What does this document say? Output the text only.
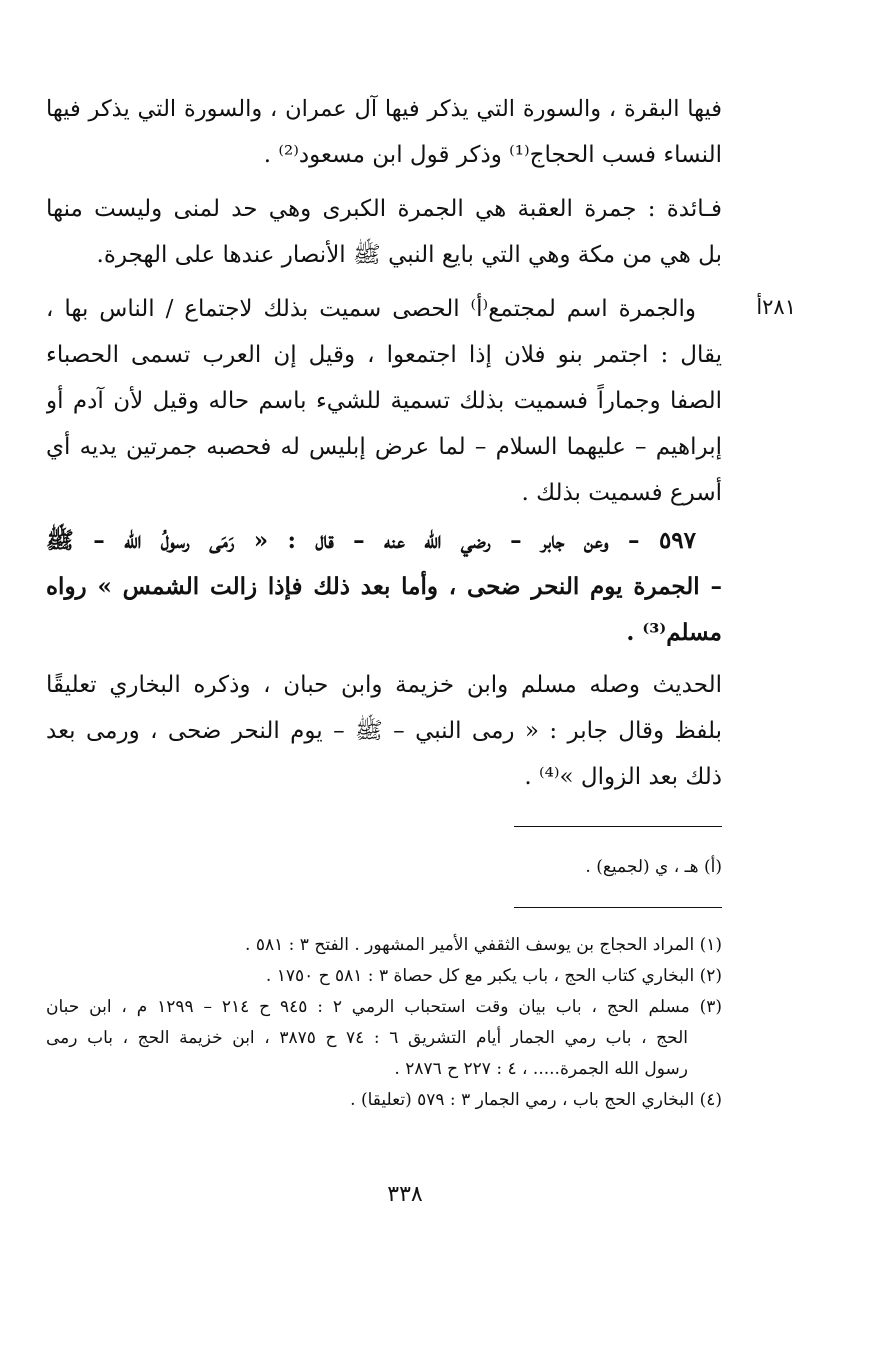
فيها البقرة ، والسورة التي يذكر فيها آل عمران ، والسورة التي يذكر فيها
النساء فسب الحجاج⁽¹⁾ وذكر قول ابن مسعود⁽²⁾ .
فـائدة : جمرة العقبة هي الجمرة الكبرى وهي حد لمنى وليست منها
بل هي من مكة وهي التي بايع النبي ﷺ الأنصار عندها على الهجرة.
٢٨١أ
والجمرة اسم لمجتمع⁽أ⁾ الحصى سميت بذلك لاجتماع / الناس بها ،
يقال : اجتمر بنو فلان إذا اجتمعوا ، وقيل إن العرب تسمى الحصباء
الصفا وجماراً فسميت بذلك تسمية للشيء باسم حاله وقيل لأن آدم أو
إبراهيم – عليهما السلام – لما عرض إبليس له فحصبه جمرتين يديه أي
أسرع فسميت بذلك .
٥٩٧ – وعن جابر – رضي اللّه عنه – قال : « رَمَى رسولُ اللّه – ﷺ
– الجمرة يوم النحر ضحى ، وأما بعد ذلك فإذا زالت الشمس » رواه
مسلم⁽³⁾ .
الحديث وصله مسلم وابن خزيمة وابن حبان ، وذكره البخاري تعليقًا
بلفظ وقال جابر : « رمى النبي – ﷺ – يوم النحر ضحى ، ورمى بعد
ذلك بعد الزوال »⁽⁴⁾ .
(أ) هـ ، ي (لجميع) .
(١) المراد الحجاج بن يوسف الثقفي الأمير المشهور . الفتح ٣ : ٥٨١ .
(٢) البخاري كتاب الحج ، باب يكبر مع كل حصاة ٣ : ٥٨١ ح ١٧٥٠ .
(٣) مسلم الحج ، باب بيان وقت استحباب الرمي ٢ : ٩٤٥ ح ٢١٤ – ١٢٩٩ م ، ابن حبان
الحج ، باب رمي الجمار أيام التشريق ٦ : ٧٤ ح ٣٨٧٥ ، ابن خزيمة الحج ، باب رمى
رسول الله الجمرة..... ، ٤ : ٢٢٧ ح ٢٨٧٦ .
(٤) البخاري الحج باب ، رمي الجمار ٣ : ٥٧٩ (تعليقا) .
٣٣٨
